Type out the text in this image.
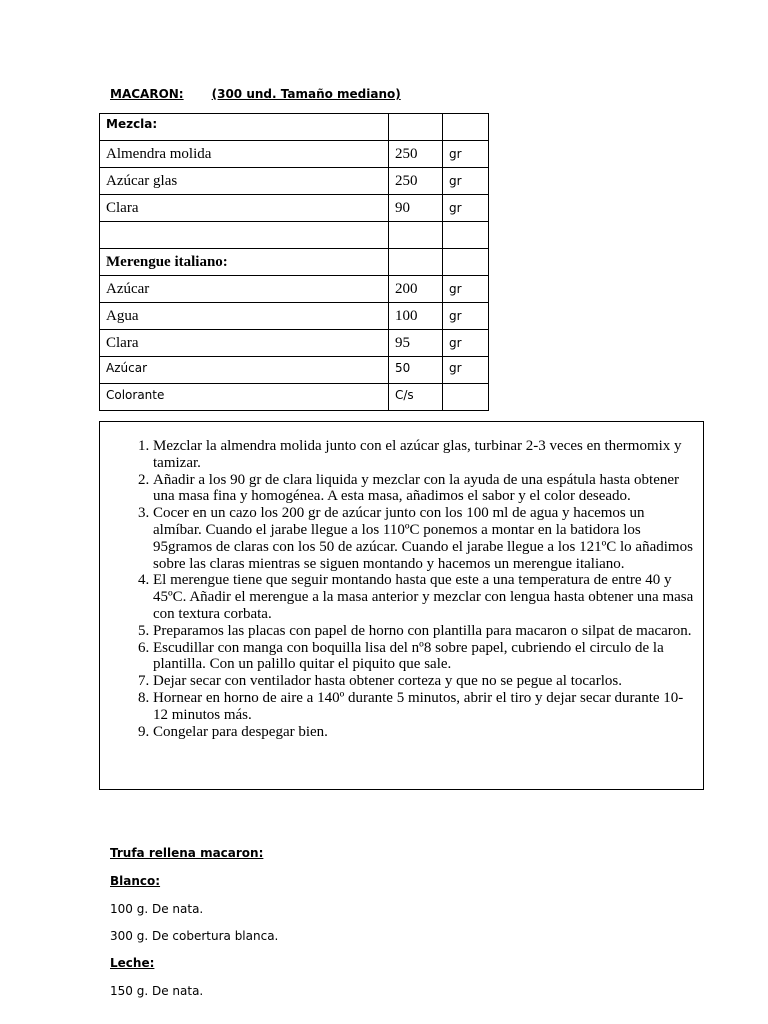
MACARON: (300 und. Tamaño mediano)
Mezcla:		
Almendra molida	250	gr
Azúcar glas	250	gr
Clara	90	gr

Merengue italiano:		
Azúcar	200	gr
Agua	100	gr
Clara	95	gr
Azúcar	50	gr
Colorante	C/s	
1. Mezclar la almendra molida junto con el azúcar glas, turbinar 2-3 veces en thermomix y tamizar.
2. Añadir a los 90 gr de clara liquida y mezclar con la ayuda de una espátula hasta obtener una masa fina y homogénea. A esta masa, añadimos el sabor y el color deseado.
3. Cocer en un cazo los 200 gr de azúcar junto con los 100 ml de agua y hacemos un almíbar. Cuando el jarabe llegue a los 110ºC ponemos a montar en la batidora los 95gramos de claras con los 50 de azúcar. Cuando el jarabe llegue a los 121ºC lo añadimos sobre las claras mientras se siguen montando y hacemos un merengue italiano.
4. El merengue tiene que seguir montando hasta que este a una temperatura de entre 40 y 45ºC. Añadir el merengue a la masa anterior y mezclar con lengua hasta obtener una masa con textura corbata.
5. Preparamos las placas con papel de horno con plantilla para macaron o silpat de macaron.
6. Escudillar con manga con boquilla lisa del nº8 sobre papel, cubriendo el circulo de la plantilla. Con un palillo quitar el piquito que sale.
7. Dejar secar con ventilador hasta obtener corteza y que no se pegue al tocarlos.
8. Hornear en horno de aire a 140º durante 5 minutos, abrir el tiro y dejar secar durante 10-12 minutos más.
9. Congelar para despegar bien.
Trufa rellena macaron:
Blanco:
100 g. De nata.
300 g. De cobertura blanca.
Leche:
150 g. De nata.
